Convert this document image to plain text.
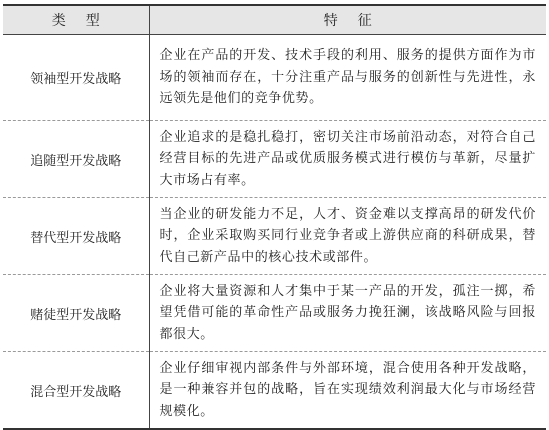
类型	特征
领袖型开发战略	企业在产品的开发、技术手段的利用、服务的提供方面作为市场的领袖而存在，十分注重产品与服务的创新性与先进性，永远领先是他们的竞争优势。
追随型开发战略	企业追求的是稳扎稳打，密切关注市场前沿动态，对符合自己经营目标的先进产品或优质服务模式进行模仿与革新，尽量扩大市场占有率。
替代型开发战略	当企业的研发能力不足，人才、资金难以支撑高昂的研发代价时，企业采取购买同行业竞争者或上游供应商的科研成果，替代自己新产品中的核心技术或部件。
赌徒型开发战略	企业将大量资源和人才集中于某一产品的开发，孤注一掷，希望凭借可能的革命性产品或服务力挽狂澜，该战略风险与回报都很大。
混合型开发战略	企业仔细审视内部条件与外部环境，混合使用各种开发战略，是一种兼容并包的战略，旨在实现绩效利润最大化与市场经营规模化。
